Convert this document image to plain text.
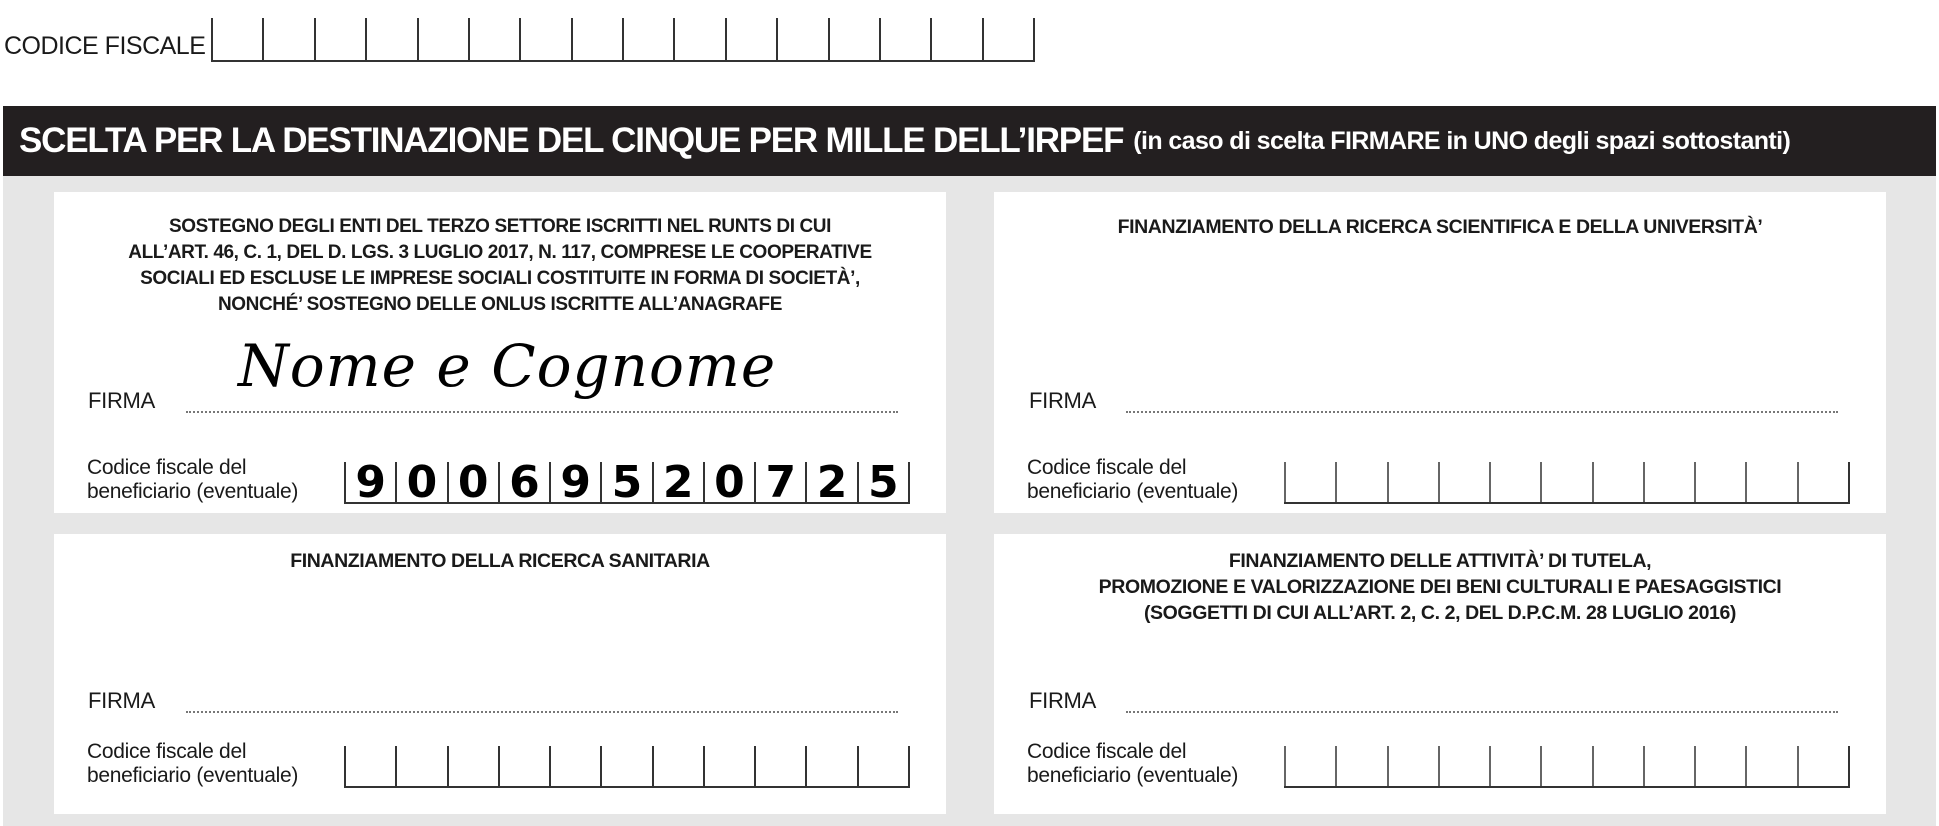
CODICE FISCALE
SCELTA PER LA DESTINAZIONE DEL CINQUE PER MILLE DELL’IRPEF (in caso di scelta FIRMARE in UNO degli spazi sottostanti)
SOSTEGNO DEGLI ENTI DEL TERZO SETTORE ISCRITTI NEL RUNTS DI CUI
ALL’ART. 46, C. 1, DEL D. LGS. 3 LUGLIO 2017, N. 117, COMPRESE LE COOPERATIVE
SOCIALI ED ESCLUSE LE IMPRESE SOCIALI COSTITUITE IN FORMA DI SOCIETÀ’,
NONCHÉ’ SOSTEGNO DELLE ONLUS ISCRITTE ALL’ANAGRAFE
FIRMA
Nome e Cognome
Codice fiscale del
beneficiario (eventuale) 9 0 0 6 9 5 2 0 7 2 5
FINANZIAMENTO DELLA RICERCA SCIENTIFICA E DELLA UNIVERSITÀ’
FIRMA
Codice fiscale del
beneficiario (eventuale)
FINANZIAMENTO DELLA RICERCA SANITARIA
FIRMA
Codice fiscale del
beneficiario (eventuale)
FINANZIAMENTO DELLE ATTIVITÀ’ DI TUTELA,
PROMOZIONE E VALORIZZAZIONE DEI BENI CULTURALI E PAESAGGISTICI
(SOGGETTI DI CUI ALL’ART. 2, C. 2, DEL D.P.C.M. 28 LUGLIO 2016)
FIRMA
Codice fiscale del
beneficiario (eventuale)
